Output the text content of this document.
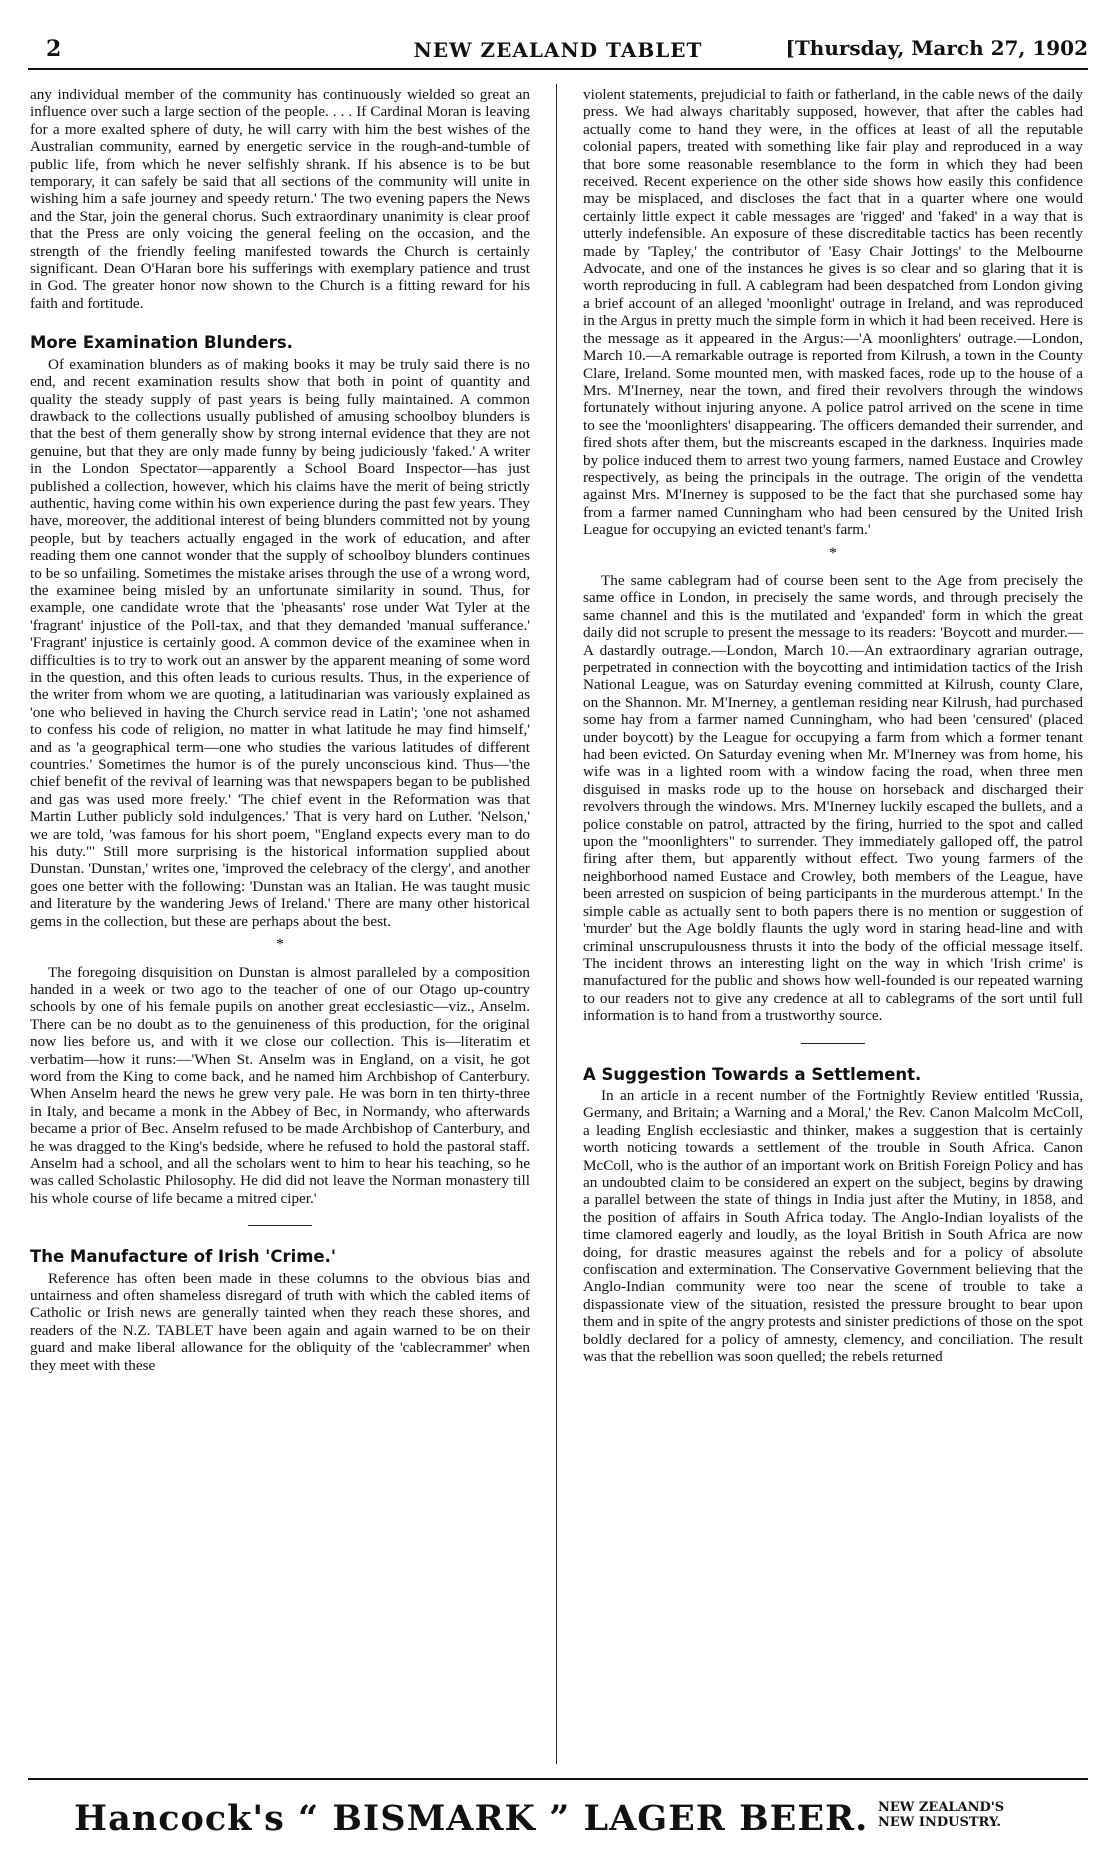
2	NEW ZEALAND TABLET	[Thursday, March 27, 1902

any individual member of the community has continuously wielded so great an influence over such a large section of the people. . . . If Cardinal Moran is leaving for a more exalted sphere of duty, he will carry with him the best wishes of the Australian community, earned by energetic service in the rough-and-tumble of public life, from which he never selfishly shrank. If his absence is to be but temporary, it can safely be said that all sections of the community will unite in wishing him a safe journey and speedy return.' The two evening papers the News and the Star, join the general chorus. Such extraordinary unanimity is clear proof that the Press are only voicing the general feeling on the occasion, and the strength of the friendly feeling manifested towards the Church is certainly significant. Dean O'Haran bore his sufferings with exemplary patience and trust in God. The greater honor now shown to the Church is a fitting reward for his faith and fortitude.

More Examination Blunders.

Of examination blunders as of making books it may be truly said there is no end, and recent examination results show that both in point of quantity and quality the steady supply of past years is being fully maintained. A common drawback to the collections usually published of amusing schoolboy blunders is that the best of them generally show by strong internal evidence that they are not genuine, but that they are only made funny by being judiciously 'faked.' A writer in the London Spectator—apparently a School Board Inspector—has just published a collection, however, which his claims have the merit of being strictly authentic, having come within his own experience during the past few years. They have, moreover, the additional interest of being blunders committed not by young people, but by teachers actually engaged in the work of education, and after reading them one cannot wonder that the supply of schoolboy blunders continues to be so unfailing. Sometimes the mistake arises through the use of a wrong word, the examinee being misled by an unfortunate similarity in sound. Thus, for example, one candidate wrote that the 'pheasants' rose under Wat Tyler at the 'fragrant' injustice of the Poll-tax, and that they demanded 'manual sufferance.' 'Fragrant' injustice is certainly good. A common device of the examinee when in difficulties is to try to work out an answer by the apparent meaning of some word in the question, and this often leads to curious results. Thus, in the experience of the writer from whom we are quoting, a latitudinarian was variously explained as 'one who believed in having the Church service read in Latin'; 'one not ashamed to confess his code of religion, no matter in what latitude he may find himself,' and as 'a geographical term—one who studies the various latitudes of different countries.' Sometimes the humor is of the purely unconscious kind. Thus—'the chief benefit of the revival of learning was that newspapers began to be published and gas was used more freely.' 'The chief event in the Reformation was that Martin Luther publicly sold indulgences.' That is very hard on Luther. 'Nelson,' we are told, 'was famous for his short poem, "England expects every man to do his duty."' Still more surprising is the historical information supplied about Dunstan. 'Dunstan,' writes one, 'improved the celebracy of the clergy', and another goes one better with the following: 'Dunstan was an Italian. He was taught music and literature by the wandering Jews of Ireland.' There are many other historical gems in the collection, but these are perhaps about the best.

*

The foregoing disquisition on Dunstan is almost paralleled by a composition handed in a week or two ago to the teacher of one of our Otago up-country schools by one of his female pupils on another great ecclesiastic—viz., Anselm. There can be no doubt as to the genuineness of this production, for the original now lies before us, and with it we close our collection. This is—literatim et verbatim—how it runs:—'When St. Anselm was in England, on a visit, he got word from the King to come back, and he named him Archbishop of Canterbury. When Anselm heard the news he grew very pale. He was born in ten thirty-three in Italy, and became a monk in the Abbey of Bec, in Normandy, who afterwards became a prior of Bec. Anselm refused to be made Archbishop of Canterbury, and he was dragged to the King's bedside, where he refused to hold the pastoral staff. Anselm had a school, and all the scholars went to him to hear his teaching, so he was called Scholastic Philosophy. He did did not leave the Norman monastery till his whole course of life became a mitred ciper.'

The Manufacture of Irish 'Crime.'

Reference has often been made in these columns to the obvious bias and untairness and often shameless disregard of truth with which the cabled items of Catholic or Irish news are generally tainted when they reach these shores, and readers of the N.Z. TABLET have been again and again warned to be on their guard and make liberal allowance for the obliquity of the 'cablecrammer' when they meet with these

violent statements, prejudicial to faith or fatherland, in the cable news of the daily press. We had always charitably supposed, however, that after the cables had actually come to hand they were, in the offices at least of all the reputable colonial papers, treated with something like fair play and reproduced in a way that bore some reasonable resemblance to the form in which they had been received. Recent experience on the other side shows how easily this confidence may be misplaced, and discloses the fact that in a quarter where one would certainly little expect it cable messages are 'rigged' and 'faked' in a way that is utterly indefensible. An exposure of these discreditable tactics has been recently made by 'Tapley,' the contributor of 'Easy Chair Jottings' to the Melbourne Advocate, and one of the instances he gives is so clear and so glaring that it is worth reproducing in full. A cablegram had been despatched from London giving a brief account of an alleged 'moonlight' outrage in Ireland, and was reproduced in the Argus in pretty much the simple form in which it had been received. Here is the message as it appeared in the Argus:—'A moonlighters' outrage.—London, March 10.—A remarkable outrage is reported from Kilrush, a town in the County Clare, Ireland. Some mounted men, with masked faces, rode up to the house of a Mrs. M'Inerney, near the town, and fired their revolvers through the windows fortunately without injuring anyone. A police patrol arrived on the scene in time to see the 'moonlighters' disappearing. The officers demanded their surrender, and fired shots after them, but the miscreants escaped in the darkness. Inquiries made by police induced them to arrest two young farmers, named Eustace and Crowley respectively, as being the principals in the outrage. The origin of the vendetta against Mrs. M'Inerney is supposed to be the fact that she purchased some hay from a farmer named Cunningham who had been censured by the United Irish League for occupying an evicted tenant's farm.'

*

The same cablegram had of course been sent to the Age from precisely the same office in London, in precisely the same words, and through precisely the same channel and this is the mutilated and 'expanded' form in which the great daily did not scruple to present the message to its readers: 'Boycott and murder.—A dastardly outrage.—London, March 10.—An extraordinary agrarian outrage, perpetrated in connection with the boycotting and intimidation tactics of the Irish National League, was on Saturday evening committed at Kilrush, county Clare, on the Shannon. Mr. M'Inerney, a gentleman residing near Kilrush, had purchased some hay from a farmer named Cunningham, who had been 'censured' (placed under boycott) by the League for occupying a farm from which a former tenant had been evicted. On Saturday evening when Mr. M'Inerney was from home, his wife was in a lighted room with a window facing the road, when three men disguised in masks rode up to the house on horseback and discharged their revolvers through the windows. Mrs. M'Inerney luckily escaped the bullets, and a police constable on patrol, attracted by the firing, hurried to the spot and called upon the "moonlighters" to surrender. They immediately galloped off, the patrol firing after them, but apparently without effect. Two young farmers of the neighborhood named Eustace and Crowley, both members of the League, have been arrested on suspicion of being participants in the murderous attempt.' In the simple cable as actually sent to both papers there is no mention or suggestion of 'murder' but the Age boldly flaunts the ugly word in staring head-line and with criminal unscrupulousness thrusts it into the body of the official message itself. The incident throws an interesting light on the way in which 'Irish crime' is manufactured for the public and shows how well-founded is our repeated warning to our readers not to give any credence at all to cablegrams of the sort until full information is to hand from a trustworthy source.

A Suggestion Towards a Settlement.

In an article in a recent number of the Fortnightly Review entitled 'Russia, Germany, and Britain; a Warning and a Moral,' the Rev. Canon Malcolm McColl, a leading English ecclesiastic and thinker, makes a suggestion that is certainly worth noticing towards a settlement of the trouble in South Africa. Canon McColl, who is the author of an important work on British Foreign Policy and has an undoubted claim to be considered an expert on the subject, begins by drawing a parallel between the state of things in India just after the Mutiny, in 1858, and the position of affairs in South Africa today. The Anglo-Indian loyalists of the time clamored eagerly and loudly, as the loyal British in South Africa are now doing, for drastic measures against the rebels and for a policy of absolute confiscation and extermination. The Conservative Government believing that the Anglo-Indian community were too near the scene of trouble to take a dispassionate view of the situation, resisted the pressure brought to bear upon them and in spite of the angry protests and sinister predictions of those on the spot boldly declared for a policy of amnesty, clemency, and conciliation. The result was that the rebellion was soon quelled; the rebels returned

Hancock's “ BISMARK ” LAGER BEER. NEW ZEALAND'S
NEW INDUSTRY.
